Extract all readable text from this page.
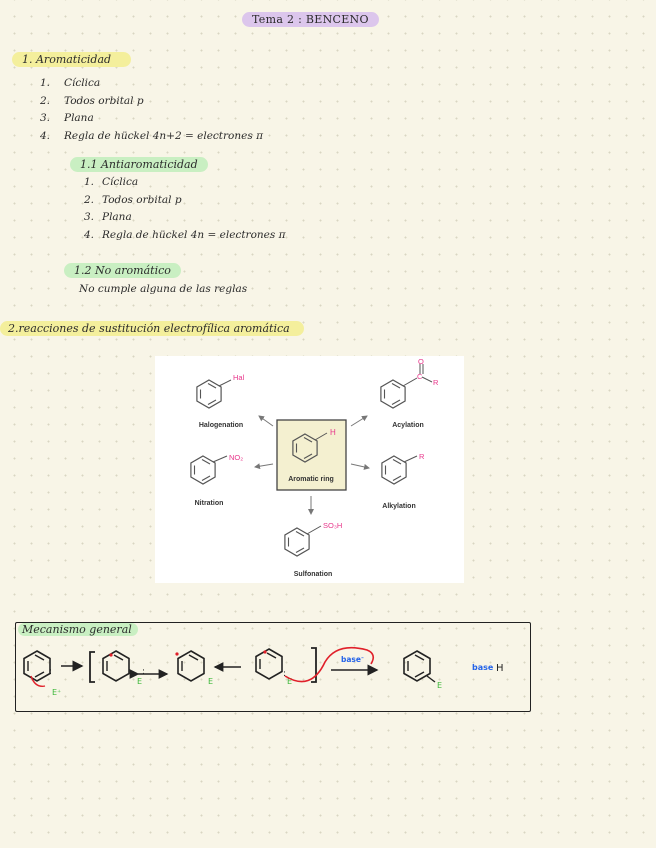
Tema 2 : BENCENO
1. Aromaticidad
1. Cíclica
2. Todos orbital p
3. Plana
4. Regla de hückel 4n+2 = electrones π
1.1 Antiaromaticidad
1. Cíclica
2. Todos orbital p
3. Plana
4. Regla de hückel 4n = electrones π
1.2 No aromático
No cumple alguna de las reglas
2.reacciones de sustitución electrofílica aromática
H
Aromatic ring
Hal
Halogenation
O
C
R
Acylation
NO₂
Nitration
R
Alkylation
SO₃H
Sulfonation
Mecanismo general
E⁺
:
E
:
E	E
:
base -
E
base H
